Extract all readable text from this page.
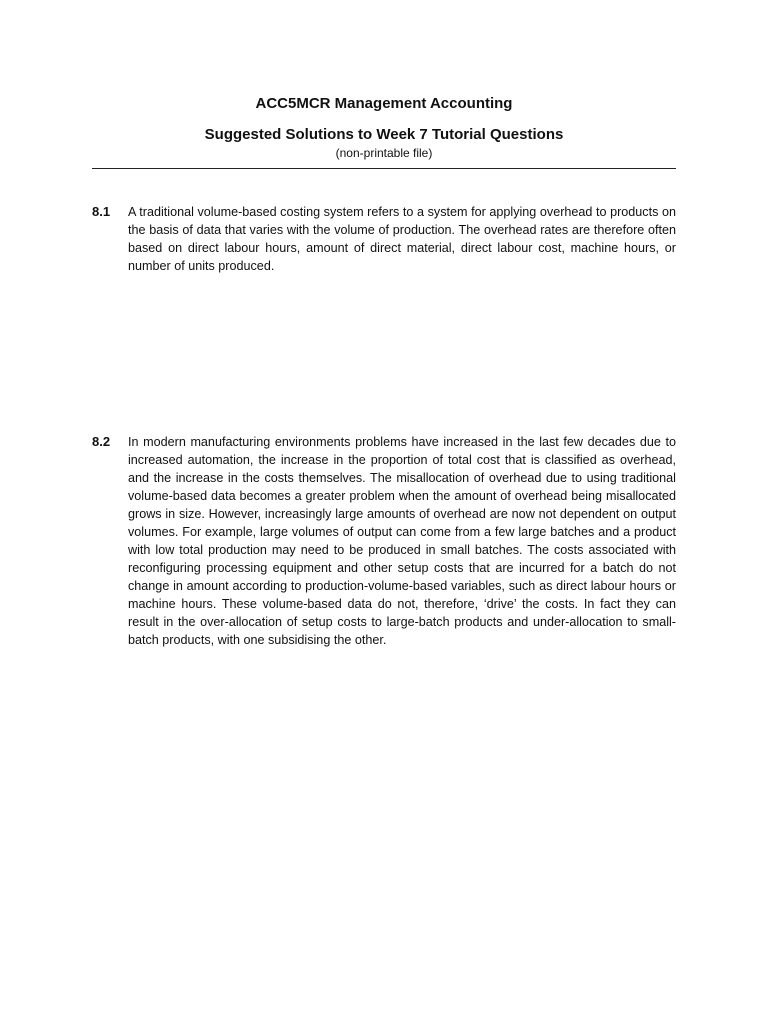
ACC5MCR Management Accounting

Suggested Solutions to Week 7 Tutorial Questions

(non-printable file)

8.1 A traditional volume-based costing system refers to a system for applying overhead to products on the basis of data that varies with the volume of production. The overhead rates are therefore often based on direct labour hours, amount of direct material, direct labour cost, machine hours, or number of units produced.
8.2 In modern manufacturing environments problems have increased in the last few decades due to increased automation, the increase in the proportion of total cost that is classified as overhead, and the increase in the costs themselves. The misallocation of overhead due to using traditional volume-based data becomes a greater problem when the amount of overhead being misallocated grows in size. However, increasingly large amounts of overhead are now not dependent on output volumes. For example, large volumes of output can come from a few large batches and a product with low total production may need to be produced in small batches. The costs associated with reconfiguring processing equipment and other setup costs that are incurred for a batch do not change in amount according to production-volume-based variables, such as direct labour hours or machine hours. These volume-based data do not, therefore, ‘drive’ the costs. In fact they can result in the over-allocation of setup costs to large-batch products and under-allocation to small-batch products, with one subsidising the other.
